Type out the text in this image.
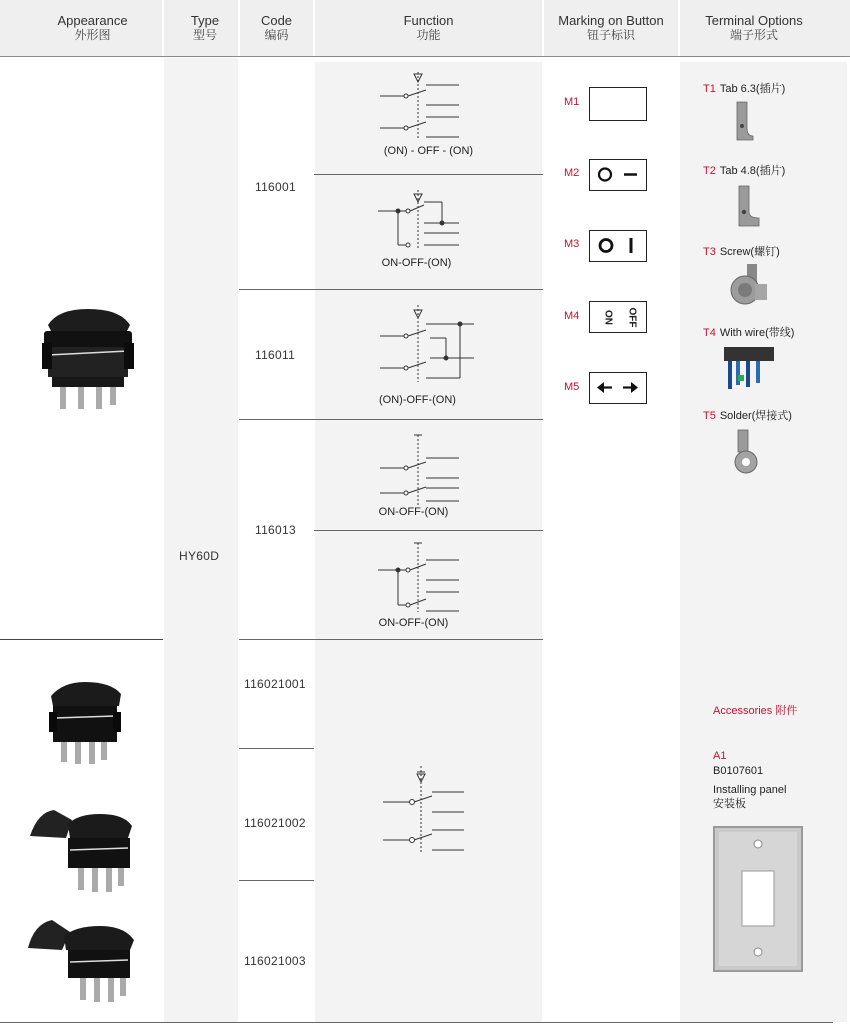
Appearance
外形图
Type
型号
Code
编码
Function
功能
Marking on Button
钮子标识
Terminal Options
端子形式
HY60D
116001
116011
116013
116021001
116021002
116021003
(ON) - OFF - (ON)
ON-OFF-(ON)
(ON)-OFF-(ON)
ON-OFF-(ON)
ON-OFF-(ON)
M1
M2
M3
M4 ON OFF
M5
T1 Tab 6.3(插片)
T2 Tab 4.8(插片)
T3 Screw(螺钉)
T4 With wire(带线)
T5 Solder(焊接式)
Accessories 附件
A1
B0107601
Installing panel
安装板
